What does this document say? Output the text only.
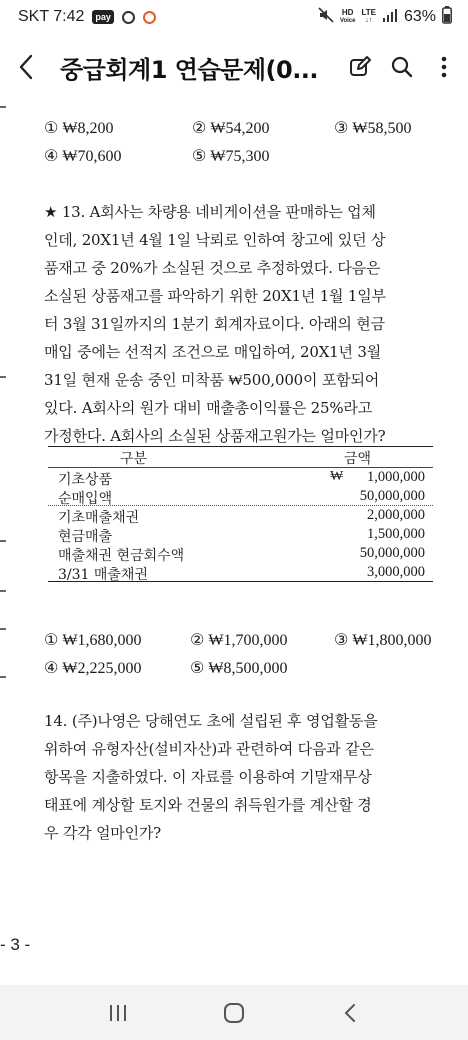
SKT 7:42	pay	HD
Voice
LTE
↓↑ 63%
중급회계1 연습문제(0...
① ₩8,200	② ₩54,200	③ ₩58,500
④ ₩70,600	⑤ ₩75,300

★ 13. A회사는 차량용 네비게이션을 판매하는 업체

인데, 20X1년 4월 1일 낙뢰로 인하여 창고에 있던 상

품재고 중 20%가 소실된 것으로 추정하였다. 다음은

소실된 상품재고를 파악하기 위한 20X1년 1월 1일부

터 3월 31일까지의 1분기 회계자료이다. 아래의 현금

매입 중에는 선적지 조건으로 매입하여, 20X1년 3월

31일 현재 운송 중인 미착품 ₩500,000이 포함되어

있다. A회사의 원가 대비 매출총이익률은 25%라고

가정한다. A회사의 소실된 상품재고원가는 얼마인가?

구분	금액
기초상품	₩ 1,000,000
순매입액	50,000,000
기초매출채권	2,000,000
현금매출	1,500,000
매출채권 현금회수액	50,000,000
3/31 매출채권	3,000,000
① ₩1,680,000	② ₩1,700,000	③ ₩1,800,000
④ ₩2,225,000	⑤ ₩8,500,000

14. (주)나영은 당해연도 초에 설립된 후 영업활동을

위하여 유형자산(설비자산)과 관련하여 다음과 같은

항목을 지출하였다. 이 자료를 이용하여 기말재무상

태표에 계상할 토지와 건물의 취득원가를 계산할 경

우 각각 얼마인가?

- 3 -
